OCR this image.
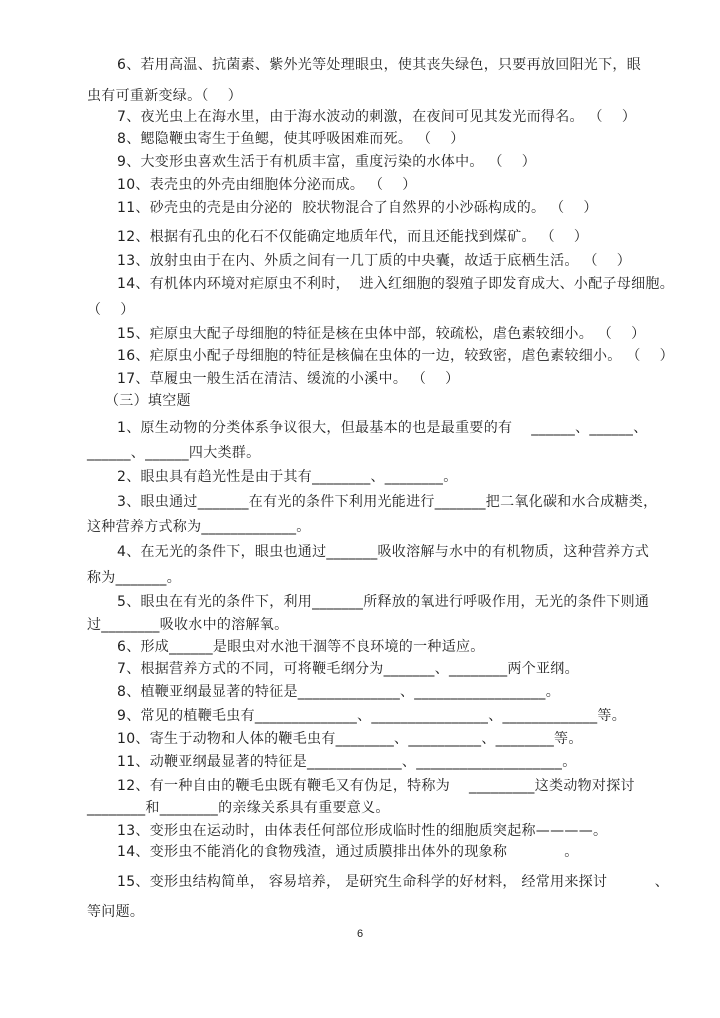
6、若用高温、抗菌素、紫外光等处理眼虫，使其丧失绿色，只要再放回阳光下，眼
虫有可重新变绿。（    ）
7、夜光虫上在海水里，由于海水波动的刺激，在夜间可见其发光而得名。 （    ）
8、鳃隐鞭虫寄生于鱼鳃，使其呼吸困难而死。 （    ）
9、大变形虫喜欢生活于有机质丰富，重度污染的水体中。 （    ）
10、表壳虫的外壳由细胞体分泌而成。 （    ）
11、砂壳虫的壳是由分泌的  胶状物混合了自然界的小沙砾构成的。 （    ）
12、根据有孔虫的化石不仅能确定地质年代，而且还能找到煤矿。 （    ）
13、放射虫由于在内、外质之间有一几丁质的中央囊，故适于底栖生活。 （    ）
14、有机体内环境对疟原虫不利时，  进入红细胞的裂殖子即发育成大、小配子母细胞。
（    ）
15、疟原虫大配子母细胞的特征是核在虫体中部，较疏松，虐色素较细小。 （    ）
16、疟原虫小配子母细胞的特征是核偏在虫体的一边，较致密，虐色素较细小。 （    ）
17、草履虫一般生活在清洁、缓流的小溪中。 （    ）
（三）填空题
1、原生动物的分类体系争议很大，但最基本的也是最重要的有    ______、______、
______、______四大类群。
2、眼虫具有趋光性是由于其有________、________。
3、眼虫通过_______在有光的条件下利用光能进行_______把二氧化碳和水合成糖类，
这种营养方式称为_____________。
4、在无光的条件下，眼虫也通过_______吸收溶解与水中的有机物质，这种营养方式
称为_______。
5、眼虫在有光的条件下，利用_______所释放的氧进行呼吸作用，无光的条件下则通
过________吸收水中的溶解氧。
6、形成______是眼虫对水池干涸等不良环境的一种适应。
7、根据营养方式的不同，可将鞭毛纲分为_______、________两个亚纲。
8、植鞭亚纲最显著的特征是______________、__________________。
9、常见的植鞭毛虫有______________、________________、_____________等。
10、寄生于动物和人体的鞭毛虫有________、__________、________等。
11、动鞭亚纲最显著的特征是_____________、____________________。
12、有一种自由的鞭毛虫既有鞭毛又有伪足，特称为    _________这类动物对探讨
________和________的亲缘关系具有重要意义。
13、变形虫在运动时，由体表任何部位形成临时性的细胞质突起称————。
14、变形虫不能消化的食物残渣，通过质膜排出体外的现象称            。
15、变形虫结构简单， 容易培养， 是研究生命科学的好材料， 经常用来探讨          、
等问题。
6
